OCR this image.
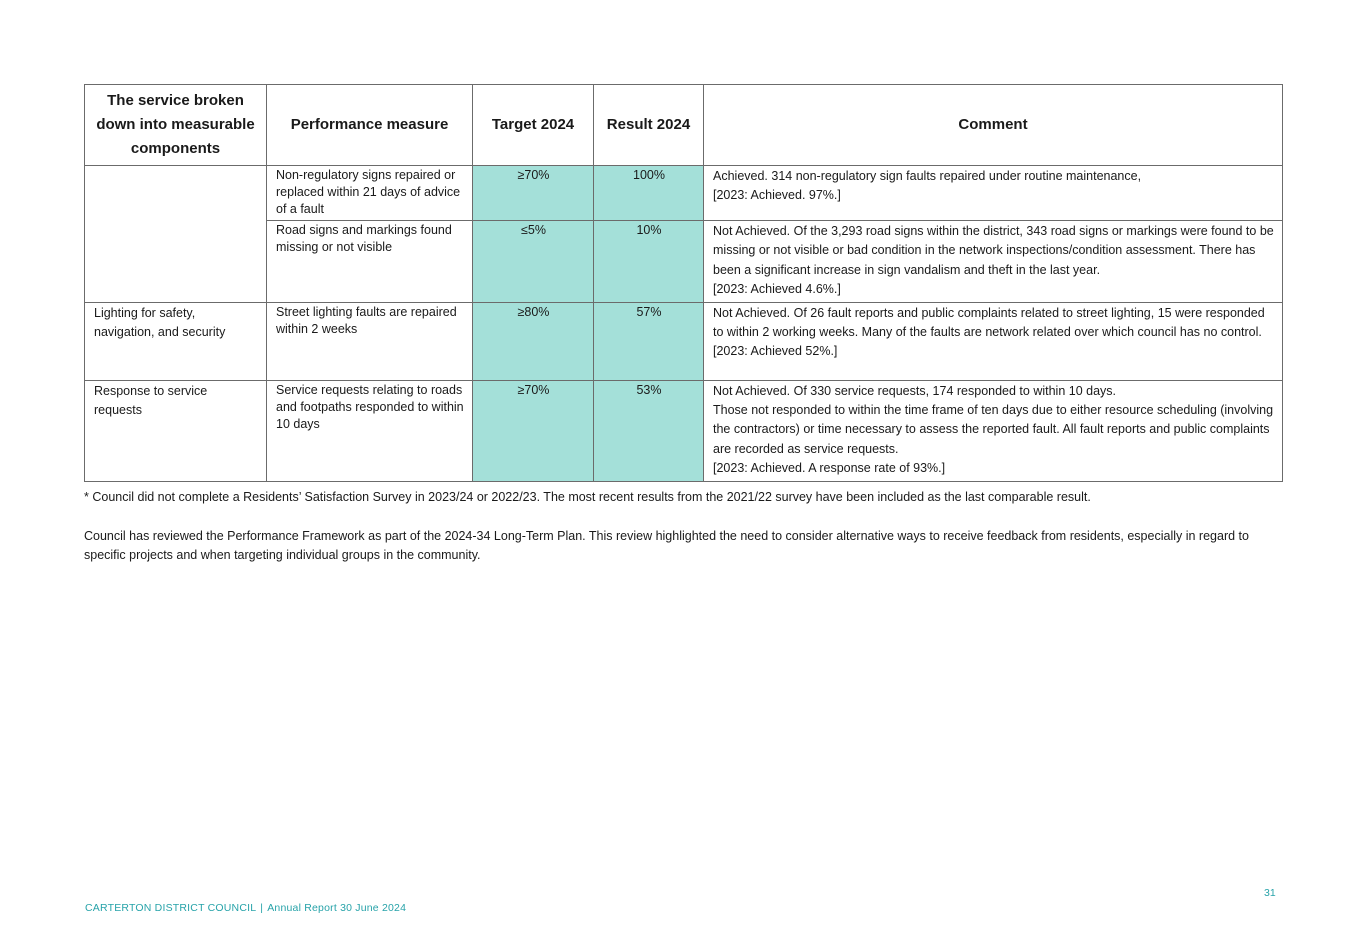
The service broken down into measurable components	Performance measure	Target 2024	Result 2024	Comment
	Non-regulatory signs repaired or replaced within 21 days of advice of a fault	≥70%	100%	Achieved. 314 non-regulatory sign faults repaired under routine maintenance,
[2023: Achieved. 97%.]

	Road signs and markings found missing or not visible	≤5%	10%	Not Achieved. Of the 3,293 road signs within the district, 343 road signs or markings were found to be missing or not visible or bad condition in the network inspections/condition assessment. There has been a significant increase in sign vandalism and theft in the last year.
[2023: Achieved 4.6%.]

Lighting for safety, navigation, and security	Street lighting faults are repaired within 2 weeks	≥80%	57%	Not Achieved. Of 26 fault reports and public complaints related to street lighting, 15 were responded to within 2 working weeks. Many of the faults are network related over which council has no control.
[2023: Achieved 52%.]

Response to service requests	Service requests relating to roads and footpaths responded to within 10 days	≥70%	53%	Not Achieved. Of 330 service requests, 174 responded to within 10 days.
Those not responded to within the time frame of ten days due to either resource scheduling (involving the contractors) or time necessary to assess the reported fault. All fault reports and public complaints are recorded as service requests.
[2023: Achieved. A response rate of 93%.]

* Council did not complete a Residents’ Satisfaction Survey in 2023/24 or 2022/23. The most recent results from the 2021/22 survey have been included as the last comparable result.

Council has reviewed the Performance Framework as part of the 2024-34 Long-Term Plan. This review highlighted the need to consider alternative ways to receive feedback from residents, especially in regard to specific projects and when targeting individual groups in the community.

CARTERTON DISTRICT COUNCIL | Annual Report 30 June 2024
31
